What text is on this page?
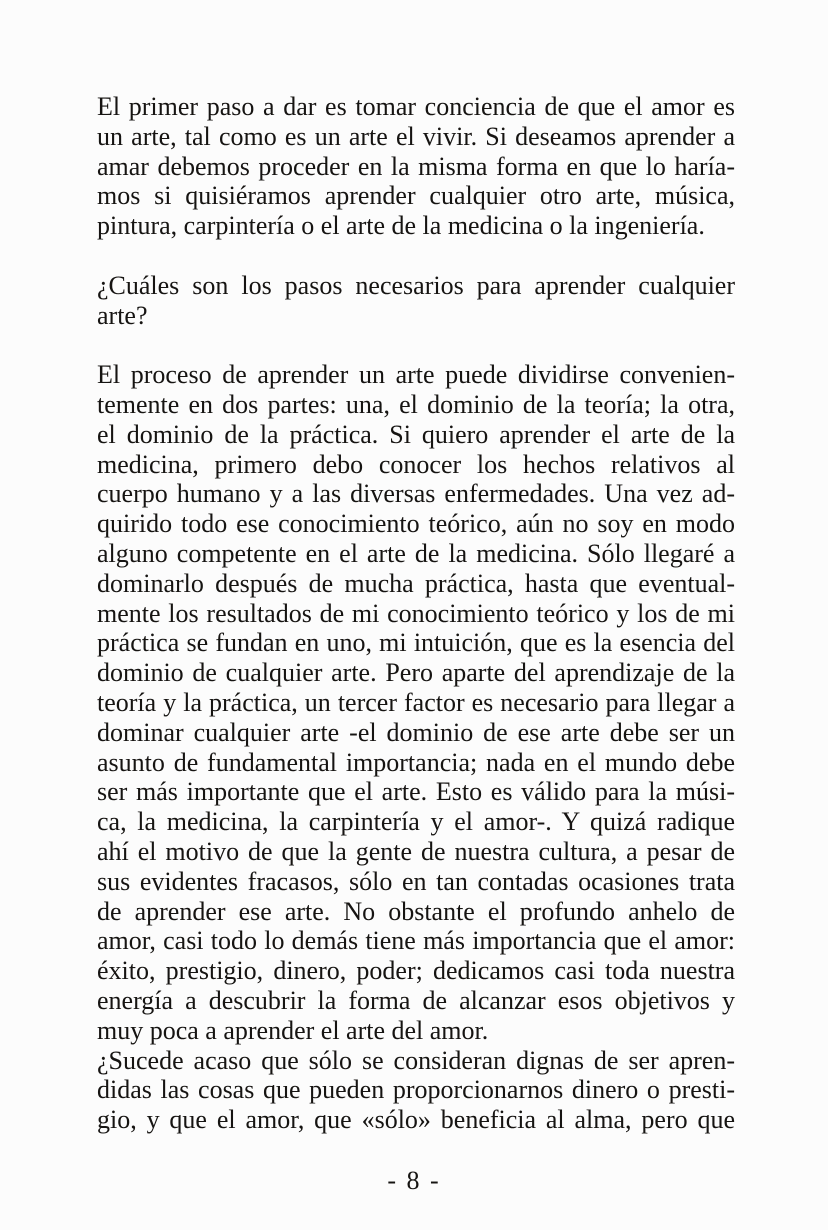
El primer paso a dar es tomar conciencia de que el amor es
un arte, tal como es un arte el vivir. Si deseamos aprender a
amar debemos proceder en la misma forma en que lo haría-
mos si quisiéramos aprender cualquier otro arte, música,
pintura, carpintería o el arte de la medicina o la ingeniería.
¿Cuáles son los pasos necesarios para aprender cualquier
arte?
El proceso de aprender un arte puede dividirse convenien-
temente en dos partes: una, el dominio de la teoría; la otra,
el dominio de la práctica. Si quiero aprender el arte de la
medicina, primero debo conocer los hechos relativos al
cuerpo humano y a las diversas enfermedades. Una vez ad-
quirido todo ese conocimiento teórico, aún no soy en modo
alguno competente en el arte de la medicina. Sólo llegaré a
dominarlo después de mucha práctica, hasta que eventual-
mente los resultados de mi conocimiento teórico y los de mi
práctica se fundan en uno, mi intuición, que es la esencia del
dominio de cualquier arte. Pero aparte del aprendizaje de la
teoría y la práctica, un tercer factor es necesario para llegar a
dominar cualquier arte -el dominio de ese arte debe ser un
asunto de fundamental importancia; nada en el mundo debe
ser más importante que el arte. Esto es válido para la músi-
ca, la medicina, la carpintería y el amor-. Y quizá radique
ahí el motivo de que la gente de nuestra cultura, a pesar de
sus evidentes fracasos, sólo en tan contadas ocasiones trata
de aprender ese arte. No obstante el profundo anhelo de
amor, casi todo lo demás tiene más importancia que el amor:
éxito, prestigio, dinero, poder; dedicamos casi toda nuestra
energía a descubrir la forma de alcanzar esos objetivos y
muy poca a aprender el arte del amor.
¿Sucede acaso que sólo se consideran dignas de ser apren-
didas las cosas que pueden proporcionarnos dinero o presti-
gio, y que el amor, que «sólo» beneficia al alma, pero que
- 8 -
